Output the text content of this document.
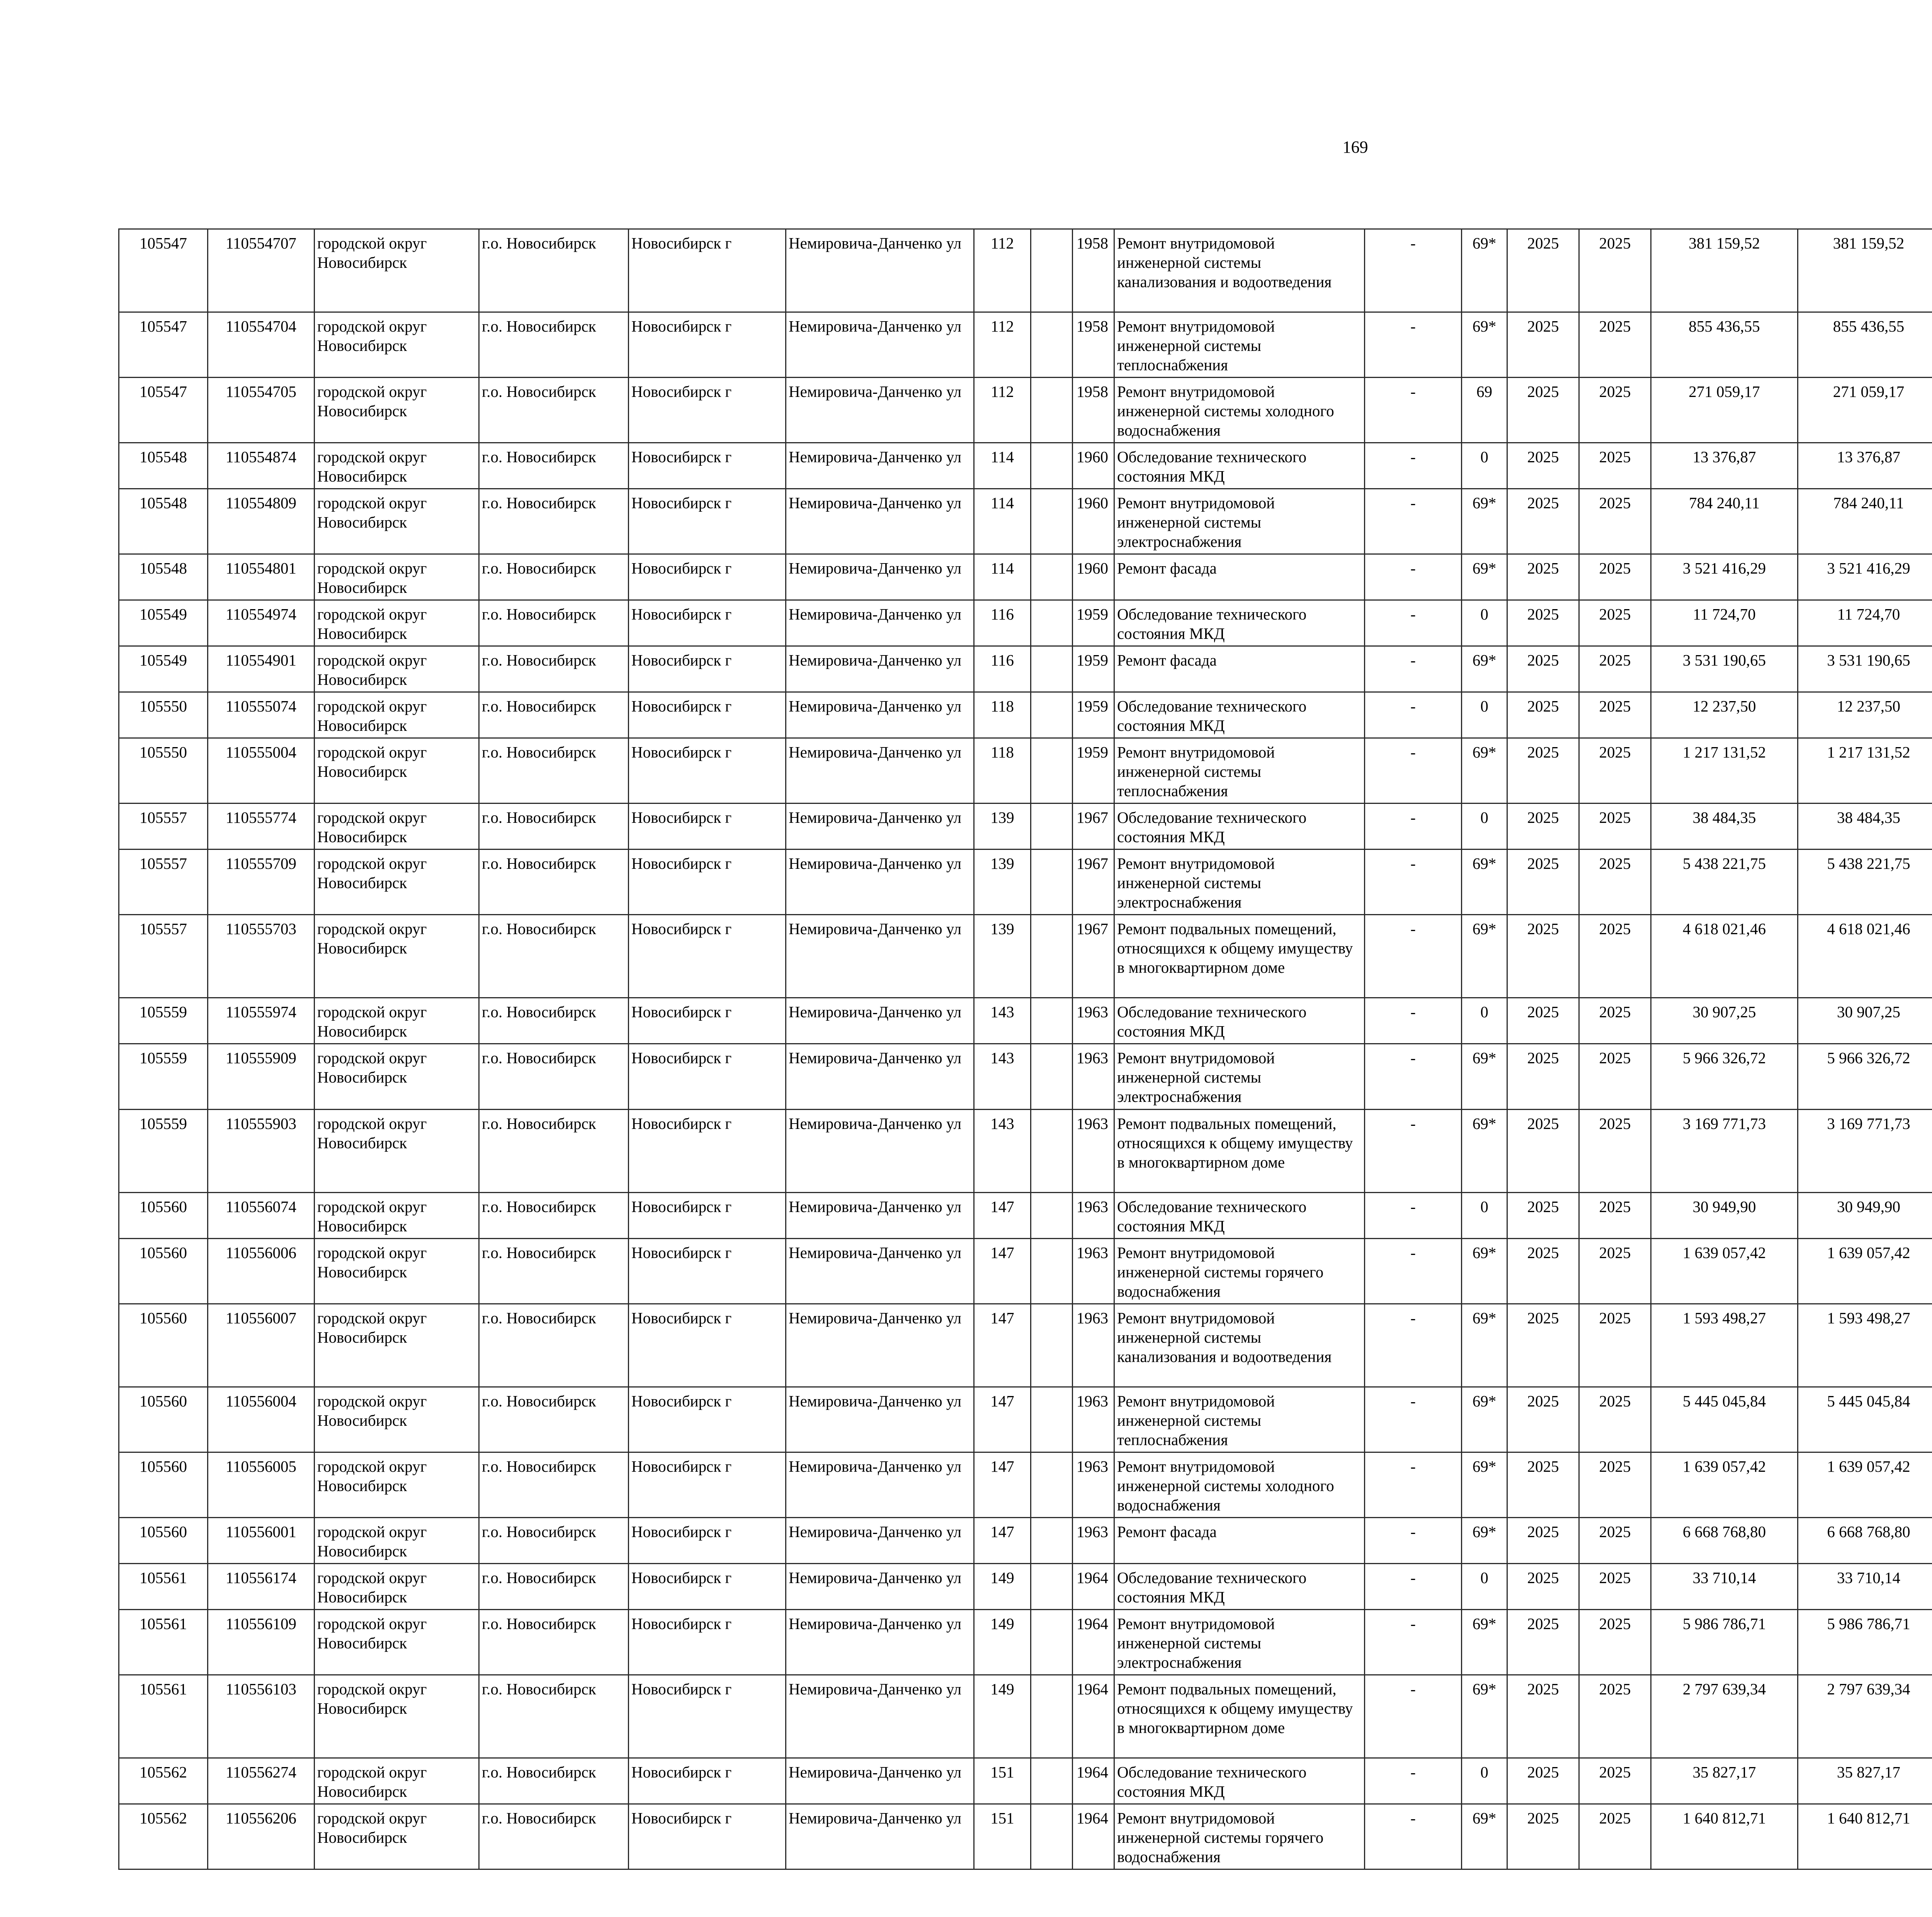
169
105547	110554707	городской округ Новосибирск	г.о. Новосибирск	Новосибирск г	Немировича-Данченко ул	112		1958	Ремонт внутридомовой инженерной системы канализования и водоотведения	-	69*	2025	2025	381 159,52	381 159,52						
105547	110554704	городской округ Новосибирск	г.о. Новосибирск	Новосибирск г	Немировича-Данченко ул	112		1958	Ремонт внутридомовой инженерной системы теплоснабжения	-	69*	2025	2025	855 436,55	855 436,55						
105547	110554705	городской округ Новосибирск	г.о. Новосибирск	Новосибирск г	Немировича-Данченко ул	112		1958	Ремонт внутридомовой инженерной системы холодного водоснабжения	-	69	2025	2025	271 059,17	271 059,17						
105548	110554874	городской округ Новосибирск	г.о. Новосибирск	Новосибирск г	Немировича-Данченко ул	114		1960	Обследование технического состояния МКД	-	0	2025	2025	13 376,87	13 376,87						
105548	110554809	городской округ Новосибирск	г.о. Новосибирск	Новосибирск г	Немировича-Данченко ул	114		1960	Ремонт внутридомовой инженерной системы электроснабжения	-	69*	2025	2025	784 240,11	784 240,11						
105548	110554801	городской округ Новосибирск	г.о. Новосибирск	Новосибирск г	Немировича-Данченко ул	114		1960	Ремонт фасада	-	69*	2025	2025	3 521 416,29	3 521 416,29						
105549	110554974	городской округ Новосибирск	г.о. Новосибирск	Новосибирск г	Немировича-Данченко ул	116		1959	Обследование технического состояния МКД	-	0	2025	2025	11 724,70	11 724,70						
105549	110554901	городской округ Новосибирск	г.о. Новосибирск	Новосибирск г	Немировича-Данченко ул	116		1959	Ремонт фасада	-	69*	2025	2025	3 531 190,65	3 531 190,65						
105550	110555074	городской округ Новосибирск	г.о. Новосибирск	Новосибирск г	Немировича-Данченко ул	118		1959	Обследование технического состояния МКД	-	0	2025	2025	12 237,50	12 237,50						
105550	110555004	городской округ Новосибирск	г.о. Новосибирск	Новосибирск г	Немировича-Данченко ул	118		1959	Ремонт внутридомовой инженерной системы теплоснабжения	-	69*	2025	2025	1 217 131,52	1 217 131,52						
105557	110555774	городской округ Новосибирск	г.о. Новосибирск	Новосибирск г	Немировича-Данченко ул	139		1967	Обследование технического состояния МКД	-	0	2025	2025	38 484,35	38 484,35						
105557	110555709	городской округ Новосибирск	г.о. Новосибирск	Новосибирск г	Немировича-Данченко ул	139		1967	Ремонт внутридомовой инженерной системы электроснабжения	-	69*	2025	2025	5 438 221,75	5 438 221,75						
105557	110555703	городской округ Новосибирск	г.о. Новосибирск	Новосибирск г	Немировича-Данченко ул	139		1967	Ремонт подвальных помещений, относящихся к общему имуществу в многоквартирном доме	-	69*	2025	2025	4 618 021,46	4 618 021,46						
105559	110555974	городской округ Новосибирск	г.о. Новосибирск	Новосибирск г	Немировича-Данченко ул	143		1963	Обследование технического состояния МКД	-	0	2025	2025	30 907,25	30 907,25						
105559	110555909	городской округ Новосибирск	г.о. Новосибирск	Новосибирск г	Немировича-Данченко ул	143		1963	Ремонт внутридомовой инженерной системы электроснабжения	-	69*	2025	2025	5 966 326,72	5 966 326,72						
105559	110555903	городской округ Новосибирск	г.о. Новосибирск	Новосибирск г	Немировича-Данченко ул	143		1963	Ремонт подвальных помещений, относящихся к общему имуществу в многоквартирном доме	-	69*	2025	2025	3 169 771,73	3 169 771,73						
105560	110556074	городской округ Новосибирск	г.о. Новосибирск	Новосибирск г	Немировича-Данченко ул	147		1963	Обследование технического состояния МКД	-	0	2025	2025	30 949,90	30 949,90						
105560	110556006	городской округ Новосибирск	г.о. Новосибирск	Новосибирск г	Немировича-Данченко ул	147		1963	Ремонт внутридомовой инженерной системы горячего водоснабжения	-	69*	2025	2025	1 639 057,42	1 639 057,42						
105560	110556007	городской округ Новосибирск	г.о. Новосибирск	Новосибирск г	Немировича-Данченко ул	147		1963	Ремонт внутридомовой инженерной системы канализования и водоотведения	-	69*	2025	2025	1 593 498,27	1 593 498,27						
105560	110556004	городской округ Новосибирск	г.о. Новосибирск	Новосибирск г	Немировича-Данченко ул	147		1963	Ремонт внутридомовой инженерной системы теплоснабжения	-	69*	2025	2025	5 445 045,84	5 445 045,84						
105560	110556005	городской округ Новосибирск	г.о. Новосибирск	Новосибирск г	Немировича-Данченко ул	147		1963	Ремонт внутридомовой инженерной системы холодного водоснабжения	-	69*	2025	2025	1 639 057,42	1 639 057,42						
105560	110556001	городской округ Новосибирск	г.о. Новосибирск	Новосибирск г	Немировича-Данченко ул	147		1963	Ремонт фасада	-	69*	2025	2025	6 668 768,80	6 668 768,80						
105561	110556174	городской округ Новосибирск	г.о. Новосибирск	Новосибирск г	Немировича-Данченко ул	149		1964	Обследование технического состояния МКД	-	0	2025	2025	33 710,14	33 710,14						
105561	110556109	городской округ Новосибирск	г.о. Новосибирск	Новосибирск г	Немировича-Данченко ул	149		1964	Ремонт внутридомовой инженерной системы электроснабжения	-	69*	2025	2025	5 986 786,71	5 986 786,71						
105561	110556103	городской округ Новосибирск	г.о. Новосибирск	Новосибирск г	Немировича-Данченко ул	149		1964	Ремонт подвальных помещений, относящихся к общему имуществу в многоквартирном доме	-	69*	2025	2025	2 797 639,34	2 797 639,34						
105562	110556274	городской округ Новосибирск	г.о. Новосибирск	Новосибирск г	Немировича-Данченко ул	151		1964	Обследование технического состояния МКД	-	0	2025	2025	35 827,17	35 827,17						
105562	110556206	городской округ Новосибирск	г.о. Новосибирск	Новосибирск г	Немировича-Данченко ул	151		1964	Ремонт внутридомовой инженерной системы горячего водоснабжения	-	69*	2025	2025	1 640 812,71	1 640 812,71						
